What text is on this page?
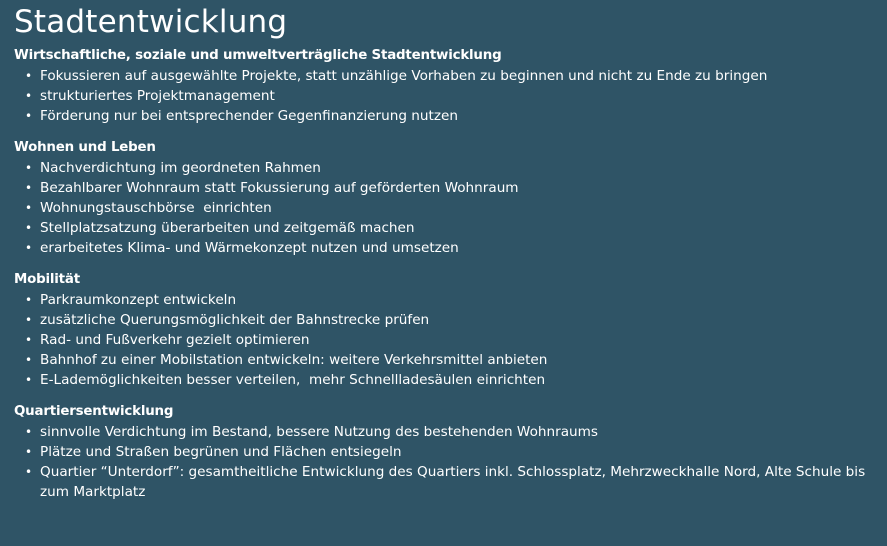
Stadtentwicklung
Wirtschaftliche, soziale und umweltverträgliche Stadtentwicklung
• Fokussieren auf ausgewählte Projekte, statt unzählige Vorhaben zu beginnen und nicht zu Ende zu bringen
• strukturiertes Projektmanagement
• Förderung nur bei entsprechender Gegenfinanzierung nutzen
Wohnen und Leben
• Nachverdichtung im geordneten Rahmen
• Bezahlbarer Wohnraum statt Fokussierung auf geförderten Wohnraum
• Wohnungstauschbörse  einrichten
• Stellplatzsatzung überarbeiten und zeitgemäß machen
• erarbeitetes Klima- und Wärmekonzept nutzen und umsetzen
Mobilität
• Parkraumkonzept entwickeln
• zusätzliche Querungsmöglichkeit der Bahnstrecke prüfen
• Rad- und Fußverkehr gezielt optimieren
• Bahnhof zu einer Mobilstation entwickeln: weitere Verkehrsmittel anbieten
• E-Lademöglichkeiten besser verteilen,  mehr Schnellladesäulen einrichten
Quartiersentwicklung
• sinnvolle Verdichtung im Bestand, bessere Nutzung des bestehenden Wohnraums
• Plätze und Straßen begrünen und Flächen entsiegeln
• Quartier “Unterdorf”: gesamtheitliche Entwicklung des Quartiers inkl. Schlossplatz, Mehrzweckhalle Nord, Alte Schule bis zum Marktplatz
